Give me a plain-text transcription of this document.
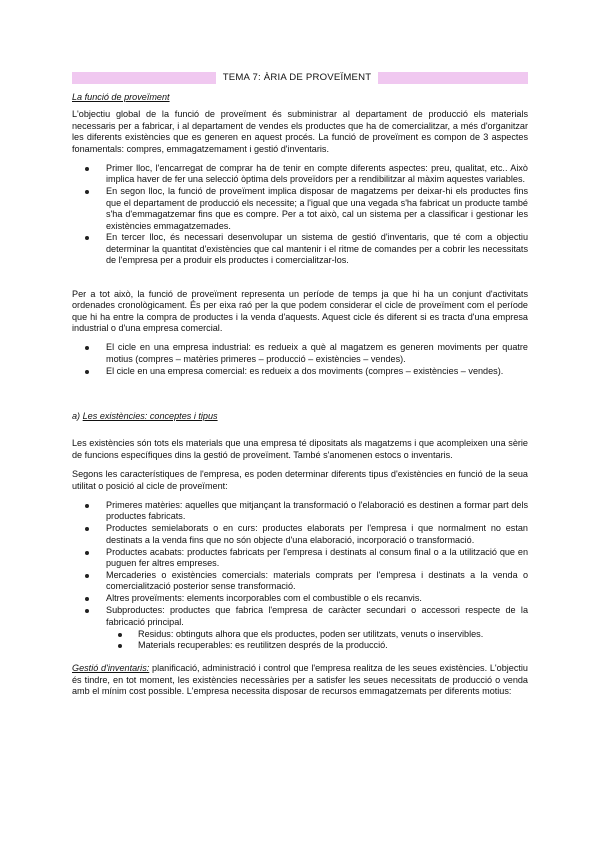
TEMA 7: ÀRIA DE PROVEÏMENT
La funció de proveïment

L'objectiu global de la funció de proveïment és subministrar al departament de producció els materials necessaris per a fabricar, i al departament de vendes els productes que ha de comercialitzar, a més d'organitzar les diferents existències que es generen en aquest procés. La funció de proveïment es compon de 3 aspectes fonamentals: compres, emmagatzemament i gestió d'inventaris.

Primer lloc, l'encarregat de comprar ha de tenir en compte diferents aspectes: preu, qualitat, etc.. Això implica haver de fer una selecció òptima dels proveïdors per a rendibilitzar al màxim aquestes variables.
En segon lloc, la funció de proveïment implica disposar de magatzems per deixar-hi els productes fins que el departament de producció els necessite; a l'igual que una vegada s'ha fabricat un producte també s'ha d'emmagatzemar fins que es compre. Per a tot això, cal un sistema per a classificar i gestionar les existències emmagatzemades.
En tercer lloc, és necessari desenvolupar un sistema de gestió d'inventaris, que té com a objectiu determinar la quantitat d'existències que cal mantenir i el ritme de comandes per a cobrir les necessitats de l'empresa per a produir els productes i comercialitzar-los.

Per a tot això, la funció de proveïment representa un període de temps ja que hi ha un conjunt d'activitats ordenades cronològicament. És per eixa raó per la que podem considerar el cicle de proveïment com el període que hi ha entre la compra de productes i la venda d'aquests. Aquest cicle és diferent si es tracta d'una empresa industrial o d'una empresa comercial.

El cicle en una empresa industrial: es redueix a què al magatzem es generen moviments per quatre motius (compres – matèries primeres – producció – existències – vendes).
El cicle en una empresa comercial: es redueix a dos moviments (compres – existències – vendes).
a) Les existències: conceptes i tipus

Les existències són tots els materials que una empresa té dipositats als magatzems i que acompleixen una sèrie de funcions específiques dins la gestió de proveïment. També s'anomenen estocs o inventaris.

Segons les característiques de l'empresa, es poden determinar diferents tipus d'existències en funció de la seua utilitat o posició al cicle de proveïment:

Primeres matèries: aquelles que mitjançant la transformació o l'elaboració es destinen a formar part dels productes fabricats.
Productes semielaborats o en curs: productes elaborats per l'empresa i que normalment no estan destinats a la venda fins que no són objecte d'una elaboració, incorporació o transformació.
Productes acabats: productes fabricats per l'empresa i destinats al consum final o a la utilització que en puguen fer altres empreses.
Mercaderies o existències comercials: materials comprats per l'empresa i destinats a la venda o comercialització posterior sense transformació.
Altres proveïments: elements incorporables com el combustible o els recanvis.
Subproductes: productes que fabrica l'empresa de caràcter secundari o accessori respecte de la fabricació principal.
Residus: obtinguts alhora que els productes, poden ser utilitzats, venuts o inservibles.
Materials recuperables: es reutilitzen després de la producció.

Gestió d'inventaris: planificació, administració i control que l'empresa realitza de les seues existències. L'objectiu és tindre, en tot moment, les existències necessàries per a satisfer les seues necessitats de producció o venda amb el mínim cost possible. L'empresa necessita disposar de recursos emmagatzemats per diferents motius:
